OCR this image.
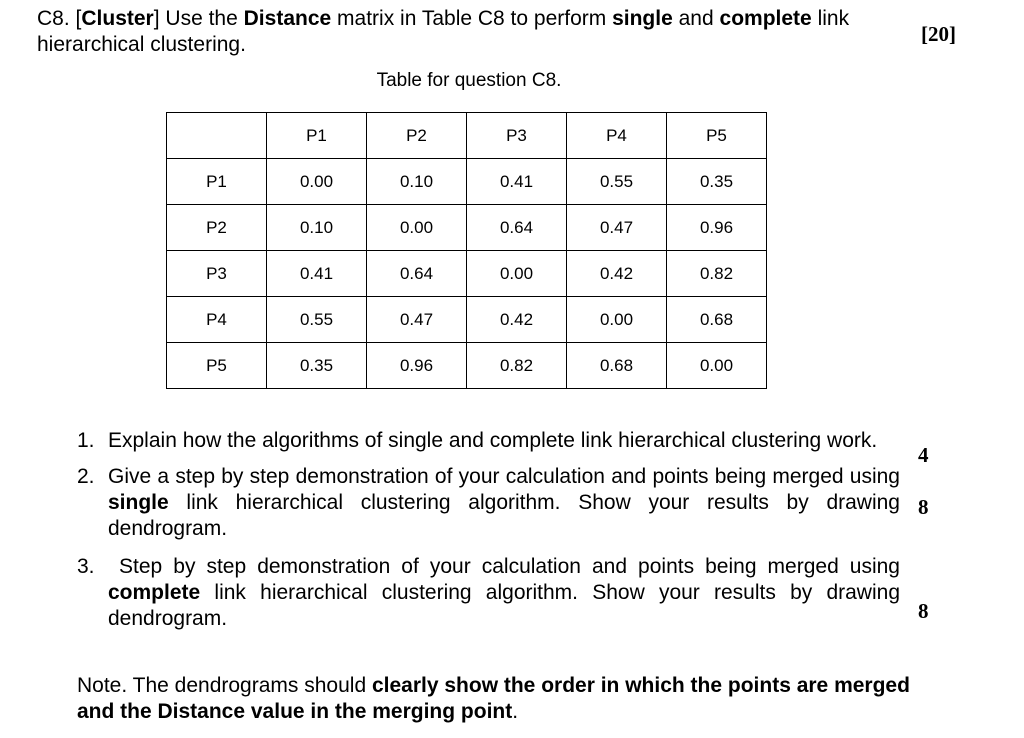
C8. [Cluster] Use the Distance matrix in Table C8 to perform single and complete link hierarchical clustering.	[20]
Table for question C8.
	P1	P2	P3	P4	P5
P1	0.00	0.10	0.41	0.55	0.35
P2	0.10	0.00	0.64	0.47	0.96
P3	0.41	0.64	0.00	0.42	0.82
P4	0.55	0.47	0.42	0.00	0.68
P5	0.35	0.96	0.82	0.68	0.00
1. Explain how the algorithms of single and complete link hierarchical clustering work.
2. Give a step by step demonstration of your calculation and points being merged using single link hierarchical clustering algorithm. Show your results by drawing dendrogram.
3. Step by step demonstration of your calculation and points being merged using complete link hierarchical clustering algorithm. Show your results by drawing dendrogram.
4
8
8
Note. The dendrograms should clearly show the order in which the points are merged and the Distance value in the merging point.
